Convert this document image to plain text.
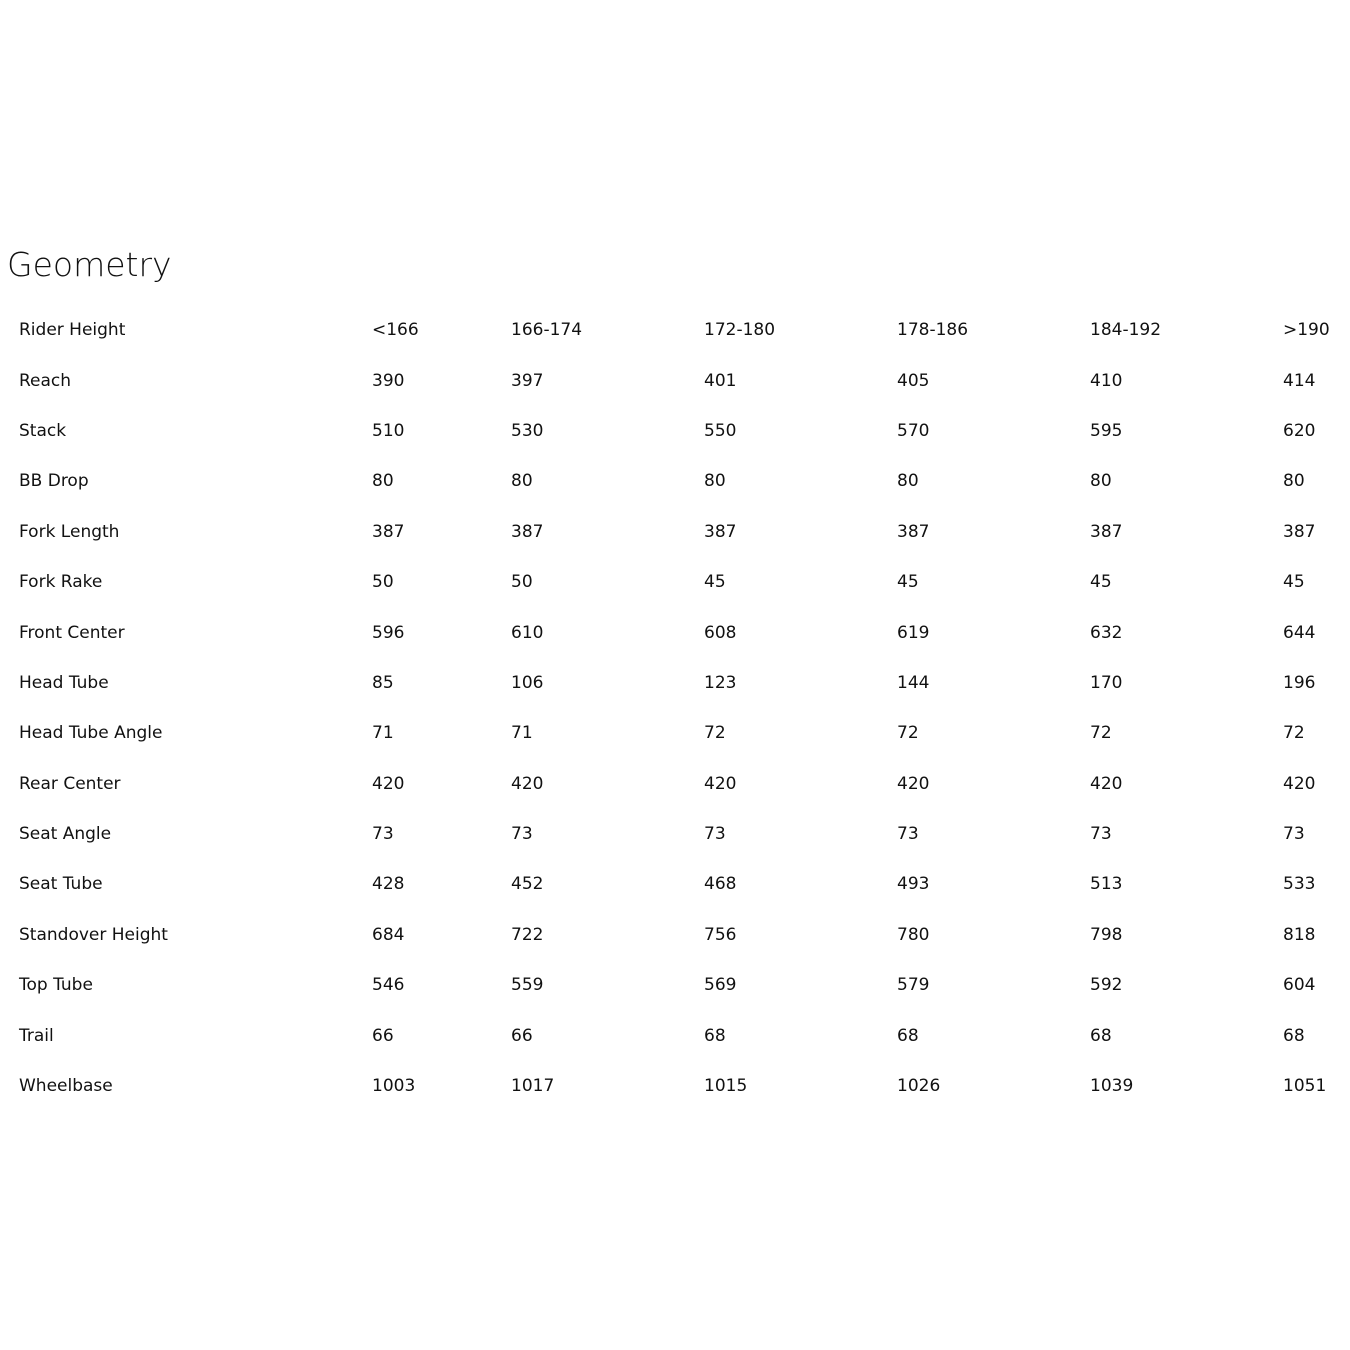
Geometry
Rider Height	<166	166-174	172-180	178-186	184-192	>190
Reach	390	397	401	405	410	414
Stack	510	530	550	570	595	620
BB Drop	80	80	80	80	80	80
Fork Length	387	387	387	387	387	387
Fork Rake	50	50	45	45	45	45
Front Center	596	610	608	619	632	644
Head Tube	85	106	123	144	170	196
Head Tube Angle	71	71	72	72	72	72
Rear Center	420	420	420	420	420	420
Seat Angle	73	73	73	73	73	73
Seat Tube	428	452	468	493	513	533
Standover Height	684	722	756	780	798	818
Top Tube	546	559	569	579	592	604
Trail	66	66	68	68	68	68
Wheelbase	1003	1017	1015	1026	1039	1051
